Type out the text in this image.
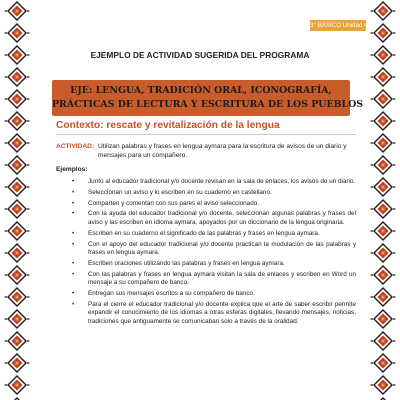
3° BÁSICO Unidad 4
EJEMPLO DE ACTIVIDAD SUGERIDA DEL PROGRAMA
EJE: LENGUA, TRADICIÓN ORAL, ICONOGRAFÍA,
PRÁCTICAS DE LECTURA Y ESCRITURA DE LOS PUEBLOS
Contexto: rescate y revitalización de la lengua
ACTIVIDAD: Utilizan palabras y frases en lengua aymara para la escritura de avisos de un diario y mensajes para un compañero.
Ejemplos:
• Junto al educador tradicional y/o docente revisan en la sala de enlaces, los avisos de un diario.
• Seleccionan un aviso y lo escriben en su cuaderno en castellano.
• Comparten y comentan con sus pares el aviso seleccionado.
• Con la ayuda del educador tradicional y/o docente, seleccionan algunas palabras y frases del aviso y las escriben en idioma aymara, apoyados por un diccionario de la lengua originaria.
• Escriben en su cuaderno el significado de las palabras y frases en lengua aymara.
• Con el apoyo del educador tradicional y/o docente practican la modulación de las palabras y frases en lengua aymara.
• Escriben oraciones utilizando las palabras y frases en lengua aymara.
• Con las palabras y frases en lengua aymara visitan la sala de enlaces y escriben en Word un mensaje a su compañero de banco.
• Entregan sus mensajes escritos a su compañero de banco.
• Para el cierre el educador tradicional y/o docente explica que el arte de saber escribir permite expandir el conocimiento de los idiomas a otras esferas digitales, llevando mensajes, noticias, tradiciones que antiguamente se comunicaban solo a través de la oralidad.
